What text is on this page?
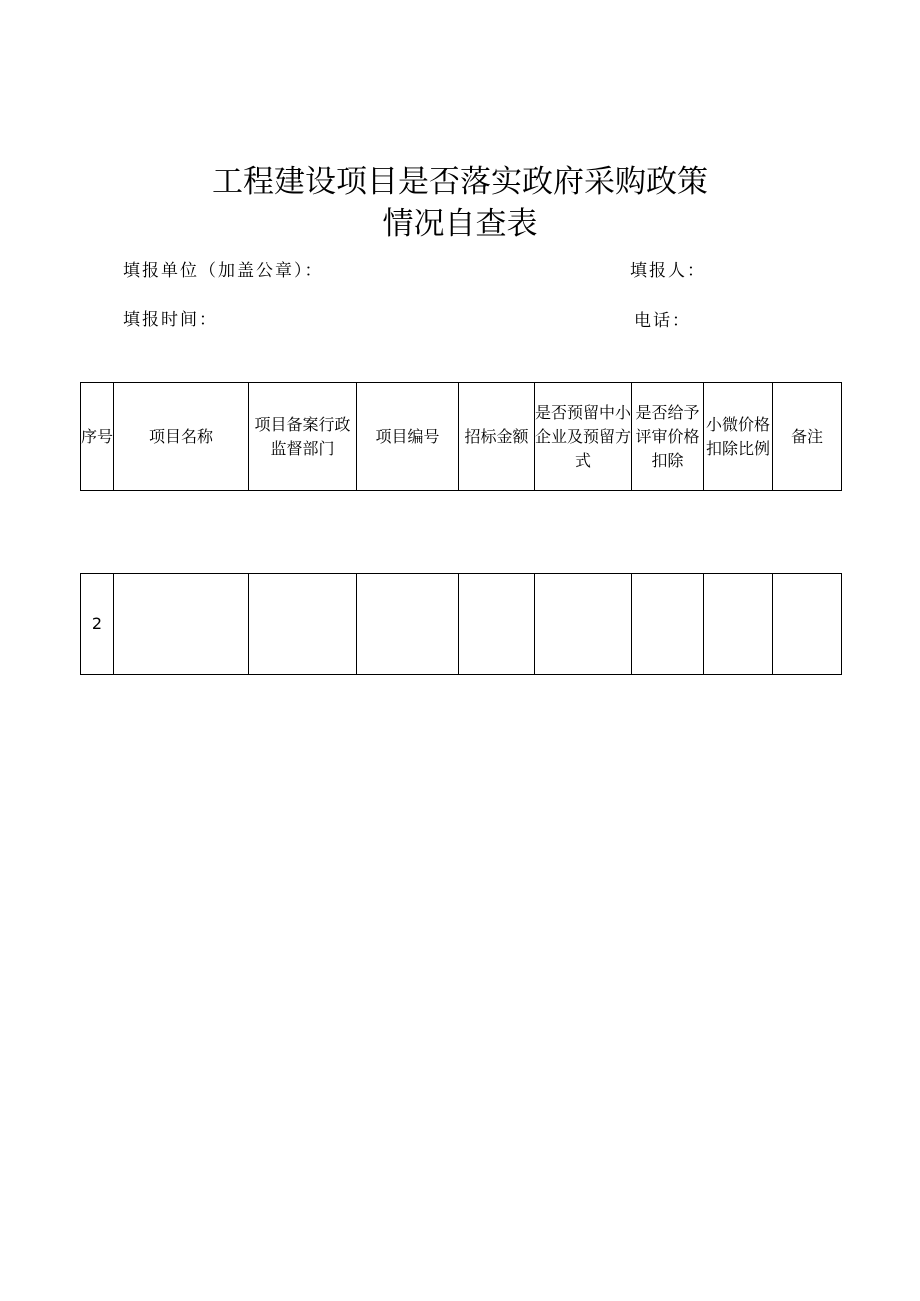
工程建设项目是否落实政府采购政策
情况自查表
填报单位（加盖公章）：	填报人：
填报时间：	电话：
序号	项目名称	项目备案行政监督部门	项目编号	招标金额	是否预留中小企业及预留方式	是否给予评审价格扣除	小微价格扣除比例	备注
2								
